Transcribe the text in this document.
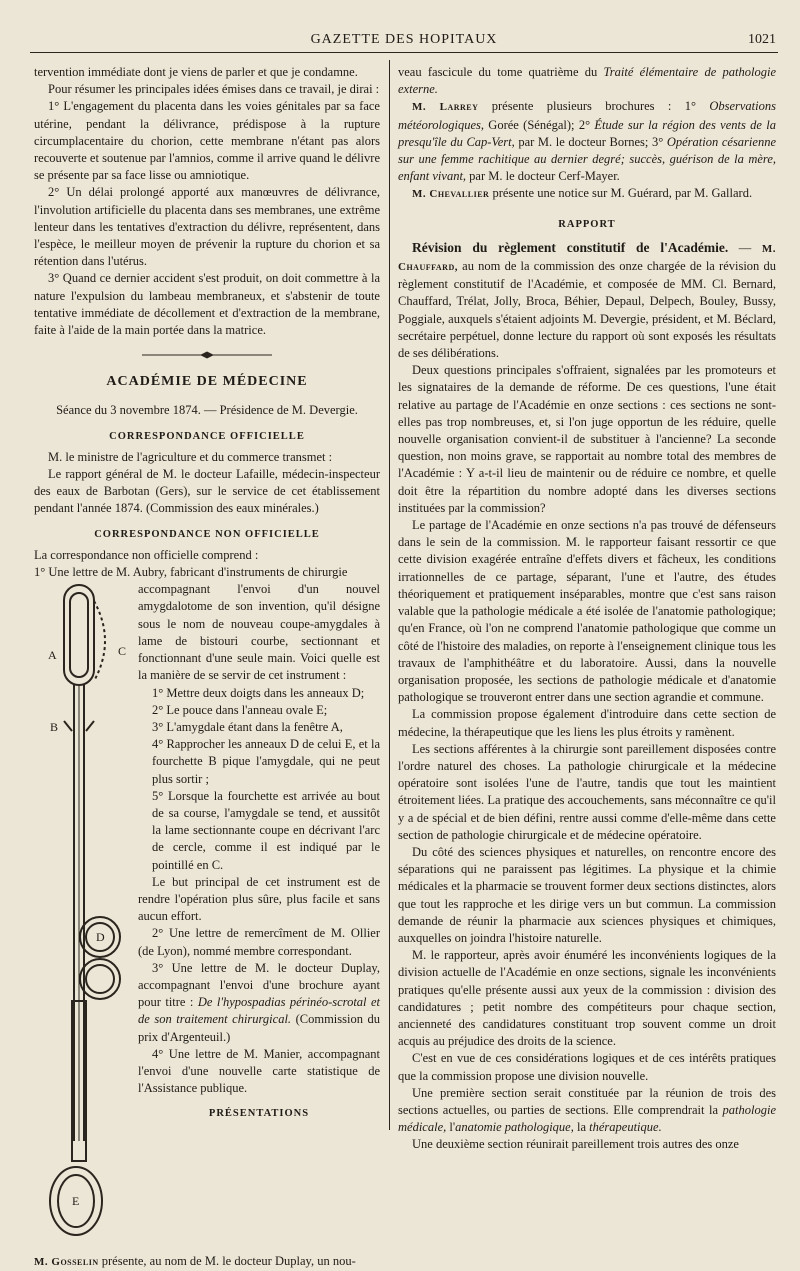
GAZETTE DES HOPITAUX	1021

tervention immédiate dont je viens de parler et que je condamne.

Pour résumer les principales idées émises dans ce travail, je dirai :

1° L'engagement du placenta dans les voies génitales par sa face utérine, pendant la délivrance, prédispose à la rupture circumplacentaire du chorion, cette membrane n'étant pas alors recouverte et soutenue par l'amnios, comme il arrive quand le délivre se présente par sa face lisse ou amniotique.

2° Un délai prolongé apporté aux manœuvres de délivrance, l'involution artificielle du placenta dans ses membranes, une extrême lenteur dans les tentatives d'extraction du délivre, représentent, dans l'espèce, le meilleur moyen de prévenir la rupture du chorion et sa rétention dans l'utérus.

3° Quand ce dernier accident s'est produit, on doit commettre à la nature l'expulsion du lambeau membraneux, et s'abstenir de toute tentative immédiate de décollement et d'extraction de la membrane, faite à l'aide de la main portée dans la matrice.

ACADÉMIE DE MÉDECINE
Séance du 3 novembre 1874. — Présidence de M. Devergie.
CORRESPONDANCE OFFICIELLE

M. le ministre de l'agriculture et du commerce transmet :

Le rapport général de M. le docteur Lafaille, médecin-inspecteur des eaux de Barbotan (Gers), sur le service de cet établissement pendant l'année 1874. (Commission des eaux minérales.)

CORRESPONDANCE NON OFFICIELLE

La correspondance non officielle comprend :

1° Une lettre de M. Aubry, fabricant d'instruments de chirurgie

A
B
C
D
E

accompagnant l'envoi d'un nouvel amygdalotome de son invention, qu'il désigne sous le nom de nouveau coupe-amygdales à lame de bistouri courbe, sectionnant et fonctionnant d'une seule main. Voici quelle est la manière de se servir de cet instrument :

1° Mettre deux doigts dans les anneaux D;

2° Le pouce dans l'anneau ovale E;

3° L'amygdale étant dans la fenêtre A,

4° Rapprocher les anneaux D de celui E, et la fourchette B pique l'amygdale, qui ne peut plus sortir ;

5° Lorsque la fourchette est arrivée au bout de sa course, l'amygdale se tend, et aussitôt la lame sectionnante coupe en décrivant l'arc de cercle, comme il est indiqué par le pointillé en C.

Le but principal de cet instrument est de rendre l'opération plus sûre, plus facile et sans aucun effort.

2° Une lettre de remercîment de M. Ollier (de Lyon), nommé membre correspondant.

3° Une lettre de M. le docteur Duplay, accompagnant l'envoi d'une brochure ayant pour titre : De l'hypospadias périnéo-scrotal et de son traitement chirurgical. (Commission du prix d'Argenteuil.)

4° Une lettre de M. Manier, accompagnant l'envoi d'une nouvelle carte statistique de l'Assistance publique.

PRÉSENTATIONS

M. Gosselin présente, au nom de M. le docteur Duplay, un nou-

veau fascicule du tome quatrième du Traité élémentaire de pathologie externe.

M. Larrey présente plusieurs brochures : 1° Observations météorologiques, Gorée (Sénégal); 2° Étude sur la région des vents de la presqu'île du Cap-Vert, par M. le docteur Bornes; 3° Opération césarienne sur une femme rachitique au dernier degré; succès, guérison de la mère, enfant vivant, par M. le docteur Cerf-Mayer.

M. Chevallier présente une notice sur M. Guérard, par M. Gallard.

RAPPORT

Révision du règlement constitutif de l'Académie. — M. Chauffard, au nom de la commission des onze chargée de la révision du règlement constitutif de l'Académie, et composée de MM. Cl. Bernard, Chauffard, Trélat, Jolly, Broca, Béhier, Depaul, Delpech, Bouley, Bussy, Poggiale, auxquels s'étaient adjoints M. Devergie, président, et M. Béclard, secrétaire perpétuel, donne lecture du rapport où sont exposés les résultats de ses délibérations.

Deux questions principales s'offraient, signalées par les promoteurs et les signataires de la demande de réforme. De ces questions, l'une était relative au partage de l'Académie en onze sections : ces sections ne sont-elles pas trop nombreuses, et, si l'on juge opportun de les réduire, quelle nouvelle organisation convient-il de substituer à l'ancienne? La seconde question, non moins grave, se rapportait au nombre total des membres de l'Académie : Y a-t-il lieu de maintenir ou de réduire ce nombre, et quelle doit être la répartition du nombre adopté dans les diverses sections instituées par la commission?

Le partage de l'Académie en onze sections n'a pas trouvé de défenseurs dans le sein de la commission. M. le rapporteur faisant ressortir ce que cette division exagérée entraîne d'effets divers et fâcheux, les conditions irrationnelles de ce partage, séparant, l'une et l'autre, des études théoriquement et pratiquement inséparables, montre que c'est sans raison valable que la pathologie médicale a été isolée de l'anatomie pathologique; qu'en France, où l'on ne comprend l'anatomie pathologique que comme un côté de l'histoire des maladies, on reporte à l'enseignement clinique tous les travaux de l'amphithéâtre et du laboratoire. Aussi, dans la nouvelle organisation proposée, les sections de pathologie médicale et d'anatomie pathologique se trouveront entrer dans une section agrandie et commune.

La commission propose également d'introduire dans cette section de médecine, la thérapeutique que les liens les plus étroits y ramènent.

Les sections afférentes à la chirurgie sont pareillement disposées contre l'ordre naturel des choses. La pathologie chirurgicale et la médecine opératoire sont isolées l'une de l'autre, tandis que tout les maintient étroitement liées. La pratique des accouchements, sans méconnaître ce qu'il y a de spécial et de bien défini, rentre aussi comme d'elle-même dans cette section de pathologie chirurgicale et de médecine opératoire.

Du côté des sciences physiques et naturelles, on rencontre encore des séparations qui ne paraissent pas légitimes. La physique et la chimie médicales et la pharmacie se trouvent former deux sections distinctes, alors que tout les rapproche et les dirige vers un but commun. La commission demande de réunir la pharmacie aux sciences physiques et chimiques, auxquelles on joindra l'histoire naturelle.

M. le rapporteur, après avoir énuméré les inconvénients logiques de la division actuelle de l'Académie en onze sections, signale les inconvénients pratiques qu'elle présente aussi aux yeux de la commission : division des candidatures ; petit nombre des compétiteurs pour chaque section, ancienneté des candidatures constituant trop souvent comme un droit acquis au préjudice des droits de la science.

C'est en vue de ces considérations logiques et de ces intérêts pratiques que la commission propose une division nouvelle.

Une première section serait constituée par la réunion de trois des sections actuelles, ou parties de sections. Elle comprendrait la pathologie médicale, l'anatomie pathologique, la thérapeutique.

Une deuxième section réunirait pareillement trois autres des onze
